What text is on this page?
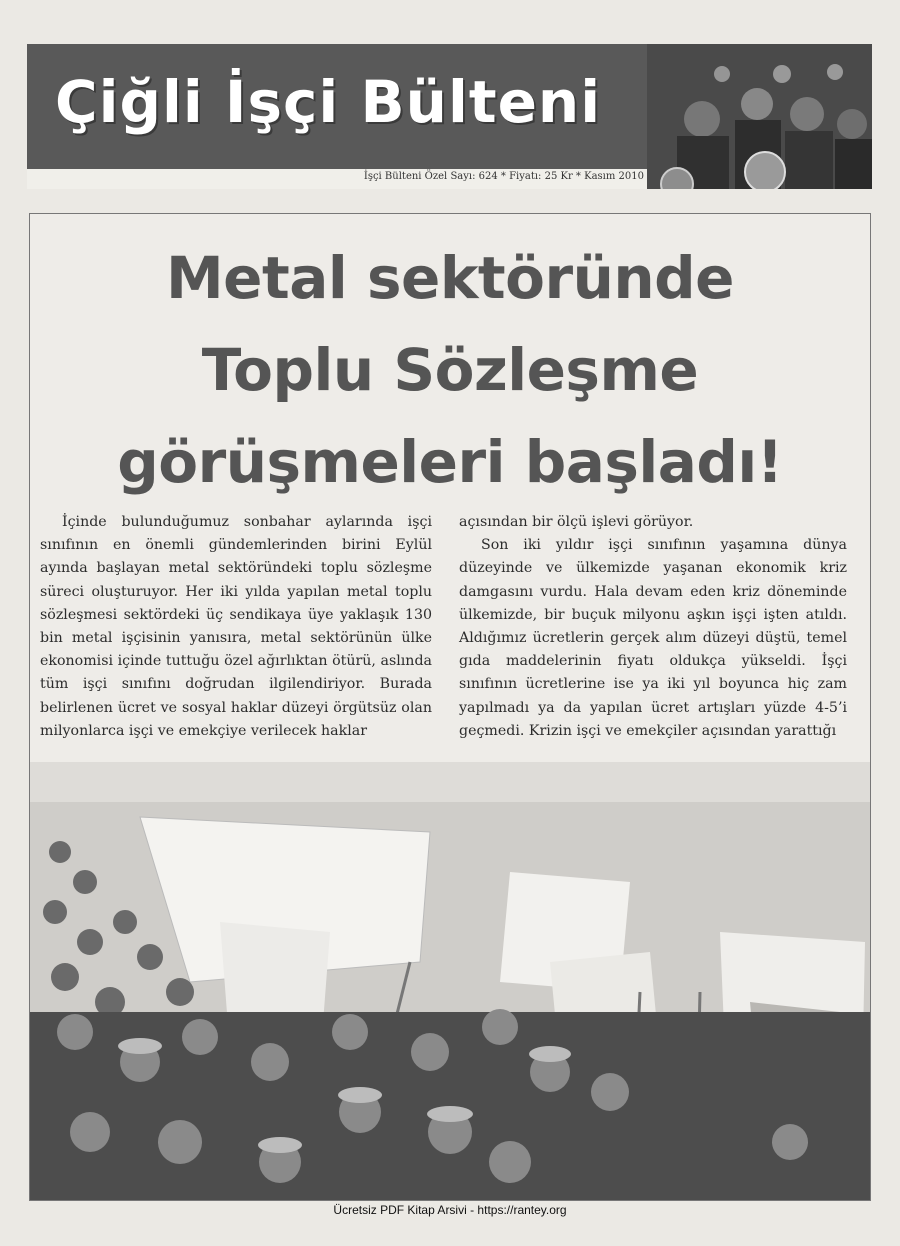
Çiğli İşçi Bülteni
İşçi Bülteni Özel Sayı: 624 * Fiyatı: 25 Kr * Kasım 2010
Metal sektöründe
Toplu Sözleşme
görüşmeleri başladı!

İçinde bulunduğumuz sonbahar aylarında işçi sınıfının en önemli gündemlerinden birini Eylül ayında başlayan metal sektöründeki toplu sözleşme süreci oluşturuyor. Her iki yılda yapılan metal toplu sözleşmesi sektördeki üç sendikaya üye yaklaşık 130 bin metal işçisinin yanısıra, metal sektörünün ülke ekonomisi içinde tuttuğu özel ağırlıktan ötürü, aslında tüm işçi sınıfını doğrudan ilgilendiriyor. Burada belirlenen ücret ve sosyal haklar düzeyi örgütsüz olan milyonlarca işçi ve emekçiye verilecek haklar

açısından bir ölçü işlevi görüyor.

Son iki yıldır işçi sınıfının yaşamına dünya düzeyinde ve ülkemizde yaşanan ekonomik kriz damgasını vurdu. Hala devam eden kriz döneminde ülkemizde, bir buçuk milyonu aşkın işçi işten atıldı. Aldığımız ücretlerin gerçek alım düzeyi düştü, temel gıda maddelerinin fiyatı oldukça yükseldi. İşçi sınıfının ücretlerine ise ya iki yıl boyunca hiç zam yapılmadı ya da yapılan ücret artışları yüzde 4-5’i geçmedi. Krizin işçi ve emekçiler açısından yarattığı

Ücretsiz PDF Kitap Arsivi - https://rantey.org
